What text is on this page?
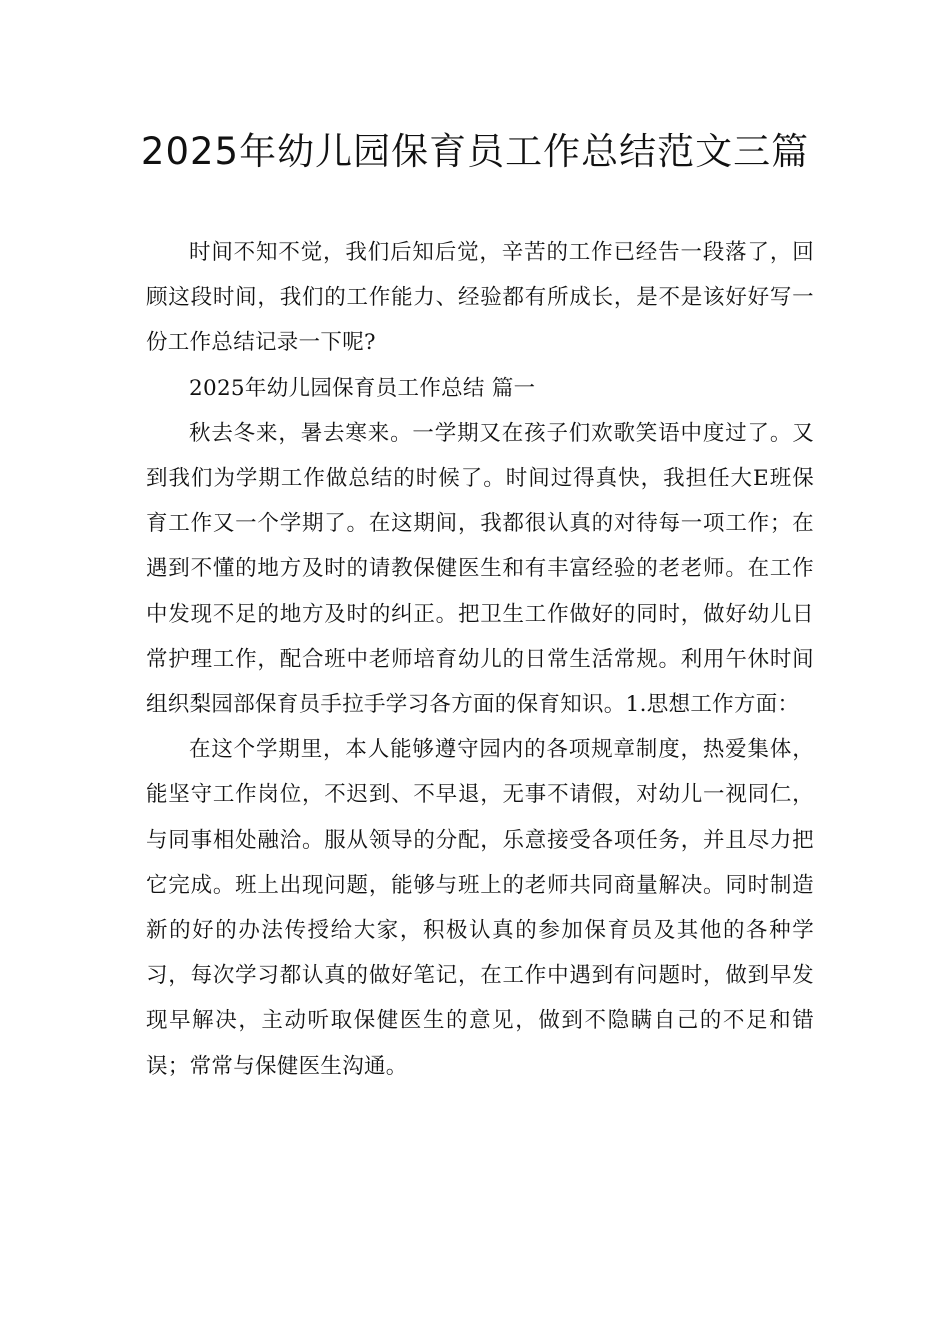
2025年幼儿园保育员工作总结范文三篇

时间不知不觉，我们后知后觉，辛苦的工作已经告一段落了，回顾这段时间，我们的工作能力、经验都有所成长，是不是该好好写一份工作总结记录一下呢?

2025年幼儿园保育员工作总结 篇一

秋去冬来，暑去寒来。一学期又在孩子们欢歌笑语中度过了。又到我们为学期工作做总结的时候了。时间过得真快，我担任大E班保育工作又一个学期了。在这期间，我都很认真的对待每一项工作；在遇到不懂的地方及时的请教保健医生和有丰富经验的老老师。在工作中发现不足的地方及时的纠正。把卫生工作做好的同时，做好幼儿日常护理工作，配合班中老师培育幼儿的日常生活常规。利用午休时间组织梨园部保育员手拉手学习各方面的保育知识。1.思想工作方面：

在这个学期里，本人能够遵守园内的各项规章制度，热爱集体，能坚守工作岗位，不迟到、不早退，无事不请假，对幼儿一视同仁，与同事相处融洽。服从领导的分配，乐意接受各项任务，并且尽力把它完成。班上出现问题，能够与班上的老师共同商量解决。同时制造新的好的办法传授给大家，积极认真的参加保育员及其他的各种学习，每次学习都认真的做好笔记，在工作中遇到有问题时，做到早发现早解决，主动听取保健医生的意见，做到不隐瞒自己的不足和错误；常常与保健医生沟通。
